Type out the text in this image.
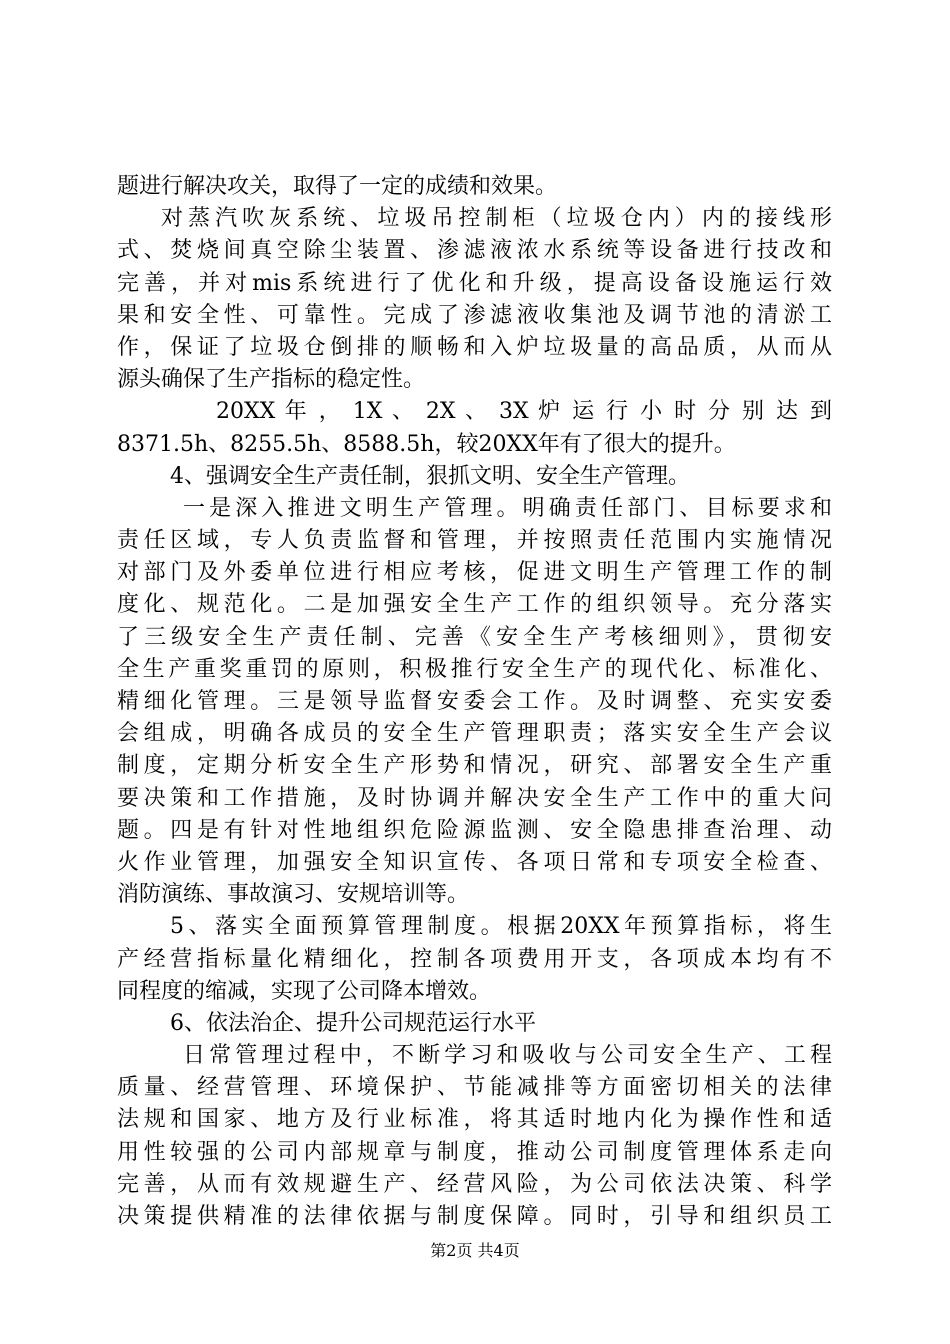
题进行解决攻关，取得了一定的成绩和效果。
对蒸汽吹灰系统、垃圾吊控制柜（垃圾仓内）内的接线形
式、焚烧间真空除尘装置、渗滤液浓水系统等设备进行技改和
完善，并对mis系统进行了优化和升级，提高设备设施运行效
果和安全性、可靠性。完成了渗滤液收集池及调节池的清淤工
作，保证了垃圾仓倒排的顺畅和入炉垃圾量的高品质，从而从
源头确保了生产指标的稳定性。
20XX 年 ， 1X 、 2X 、 3X 炉 运 行 小 时 分 别 达 到
8371.5h、8255.5h、8588.5h，较20XX年有了很大的提升。
4、强调安全生产责任制，狠抓文明、安全生产管理。
一是深入推进文明生产管理。明确责任部门、目标要求和
责任区域，专人负责监督和管理，并按照责任范围内实施情况
对部门及外委单位进行相应考核，促进文明生产管理工作的制
度化、规范化。二是加强安全生产工作的组织领导。充分落实
了三级安全生产责任制、完善《安全生产考核细则》，贯彻安
全生产重奖重罚的原则，积极推行安全生产的现代化、标准化、
精细化管理。三是领导监督安委会工作。及时调整、充实安委
会组成，明确各成员的安全生产管理职责；落实安全生产会议
制度，定期分析安全生产形势和情况，研究、部署安全生产重
要决策和工作措施，及时协调并解决安全生产工作中的重大问
题。四是有针对性地组织危险源监测、安全隐患排查治理、动
火作业管理，加强安全知识宣传、各项日常和专项安全检查、
消防演练、事故演习、安规培训等。
5、落实全面预算管理制度。根据20XX年预算指标，将生
产经营指标量化精细化，控制各项费用开支，各项成本均有不
同程度的缩减，实现了公司降本增效。
6、依法治企、提升公司规范运行水平
日常管理过程中，不断学习和吸收与公司安全生产、工程
质量、经营管理、环境保护、节能减排等方面密切相关的法律
法规和国家、地方及行业标准，将其适时地内化为操作性和适
用性较强的公司内部规章与制度，推动公司制度管理体系走向
完善，从而有效规避生产、经营风险，为公司依法决策、科学
决策提供精准的法律依据与制度保障。同时，引导和组织员工
第2页 共4页
